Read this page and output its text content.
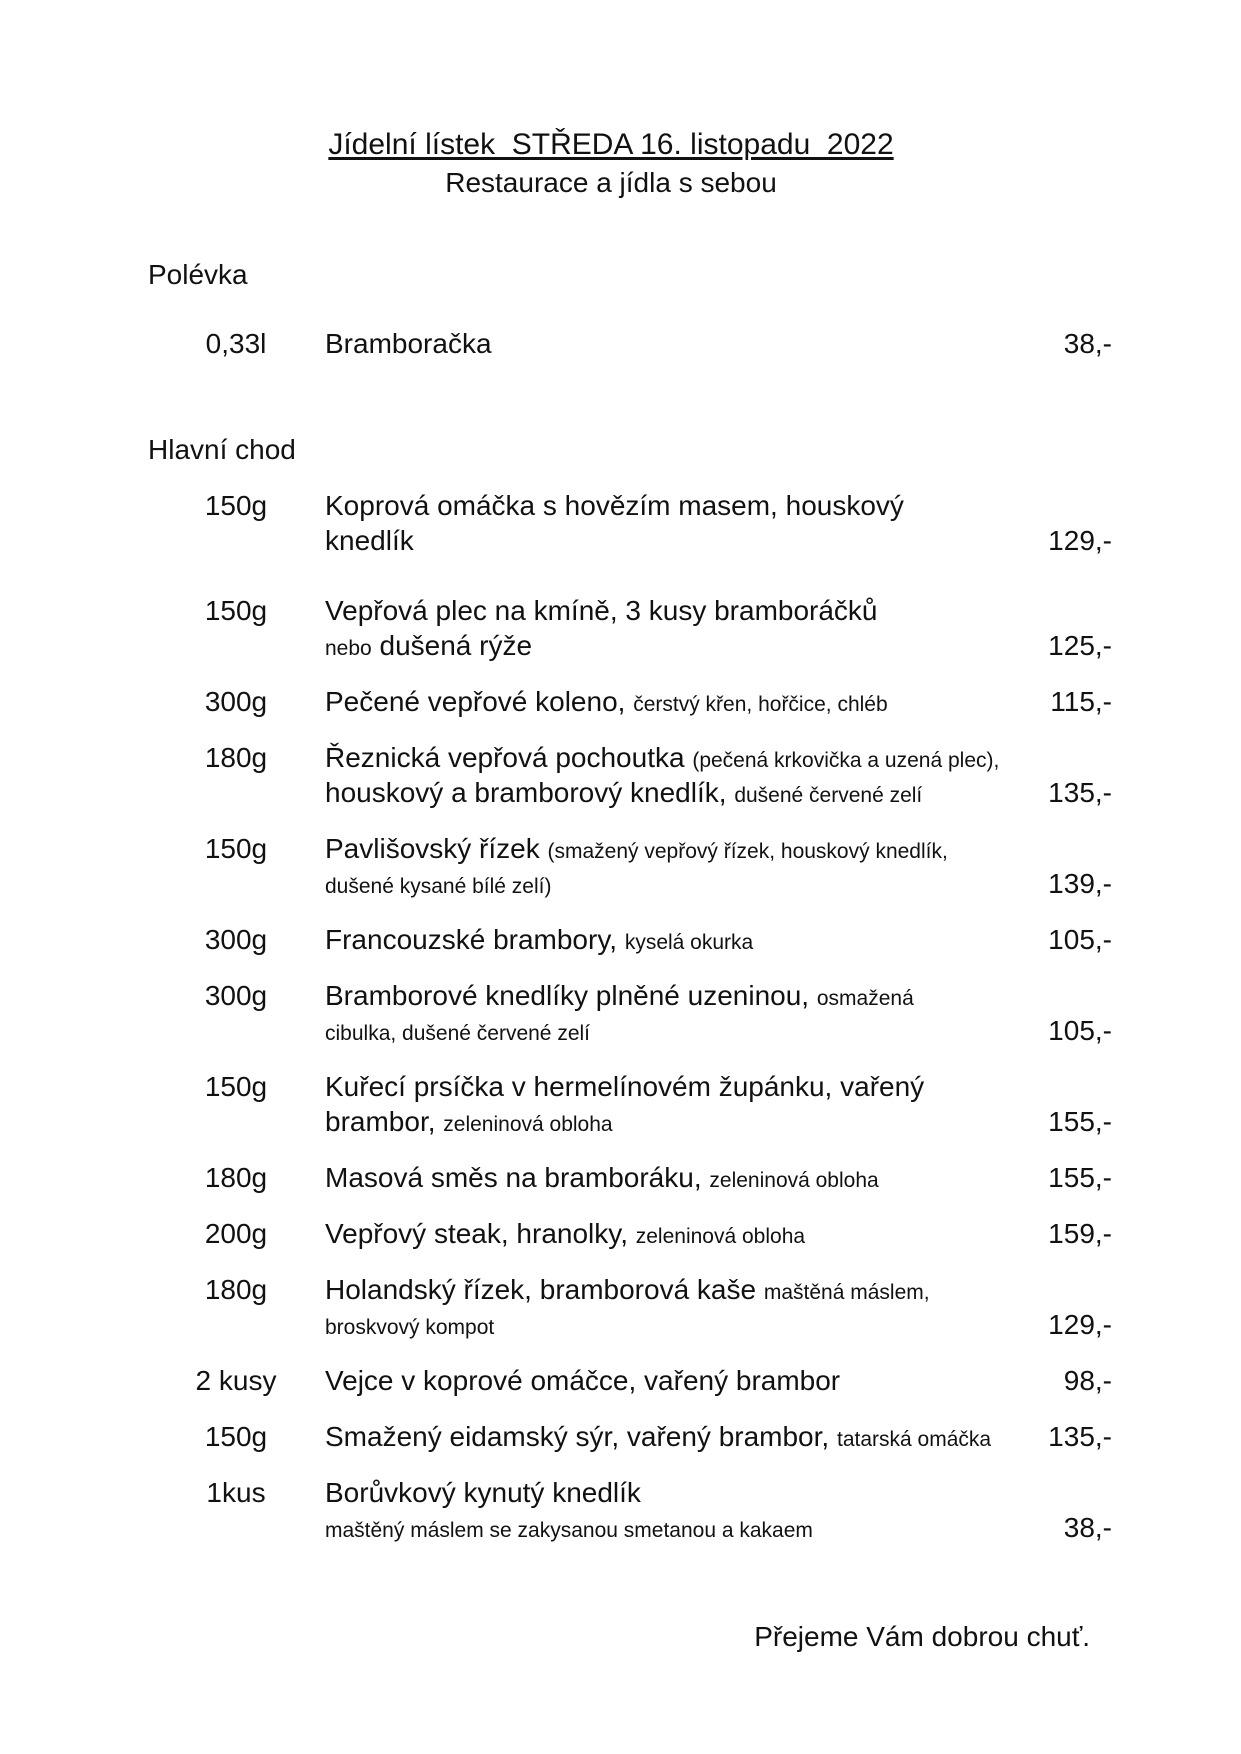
Jídelní lístek  STŘEDA 16. listopadu  2022
Restaurace a jídla s sebou
Polévka
0,33l	Bramboračka	38,-
Hlavní chod
150g	Koprová omáčka s hovězím masem, houskový
knedlík	129,-
150g	Vepřová plec na kmíně, 3 kusy bramboráčků
nebo dušená rýže	125,-
300g	Pečené vepřové koleno, čerstvý křen, hořčice, chléb	115,-
180g	Řeznická vepřová pochoutka (pečená krkovička a uzená plec),
houskový a bramborový knedlík, dušené červené zelí	135,-
150g	Pavlišovský řízek (smažený vepřový řízek, houskový knedlík,
dušené kysané bílé zelí)	139,-
300g	Francouzské brambory, kyselá okurka	105,-
300g	Bramborové knedlíky plněné uzeninou, osmažená
cibulka, dušené červené zelí	105,-
150g	Kuřecí prsíčka v hermelínovém župánku, vařený
brambor, zeleninová obloha	155,-
180g	Masová směs na bramboráku, zeleninová obloha	155,-
200g	Vepřový steak, hranolky, zeleninová obloha	159,-
180g	Holandský řízek, bramborová kaše maštěná máslem,
broskvový kompot	129,-
2 kusy	Vejce v koprové omáčce, vařený brambor	98,-
150g	Smažený eidamský sýr, vařený brambor, tatarská omáčka	135,-
1kus	Borůvkový kynutý knedlík
maštěný máslem se zakysanou smetanou a kakaem	38,-
Přejeme Vám dobrou chuť.
